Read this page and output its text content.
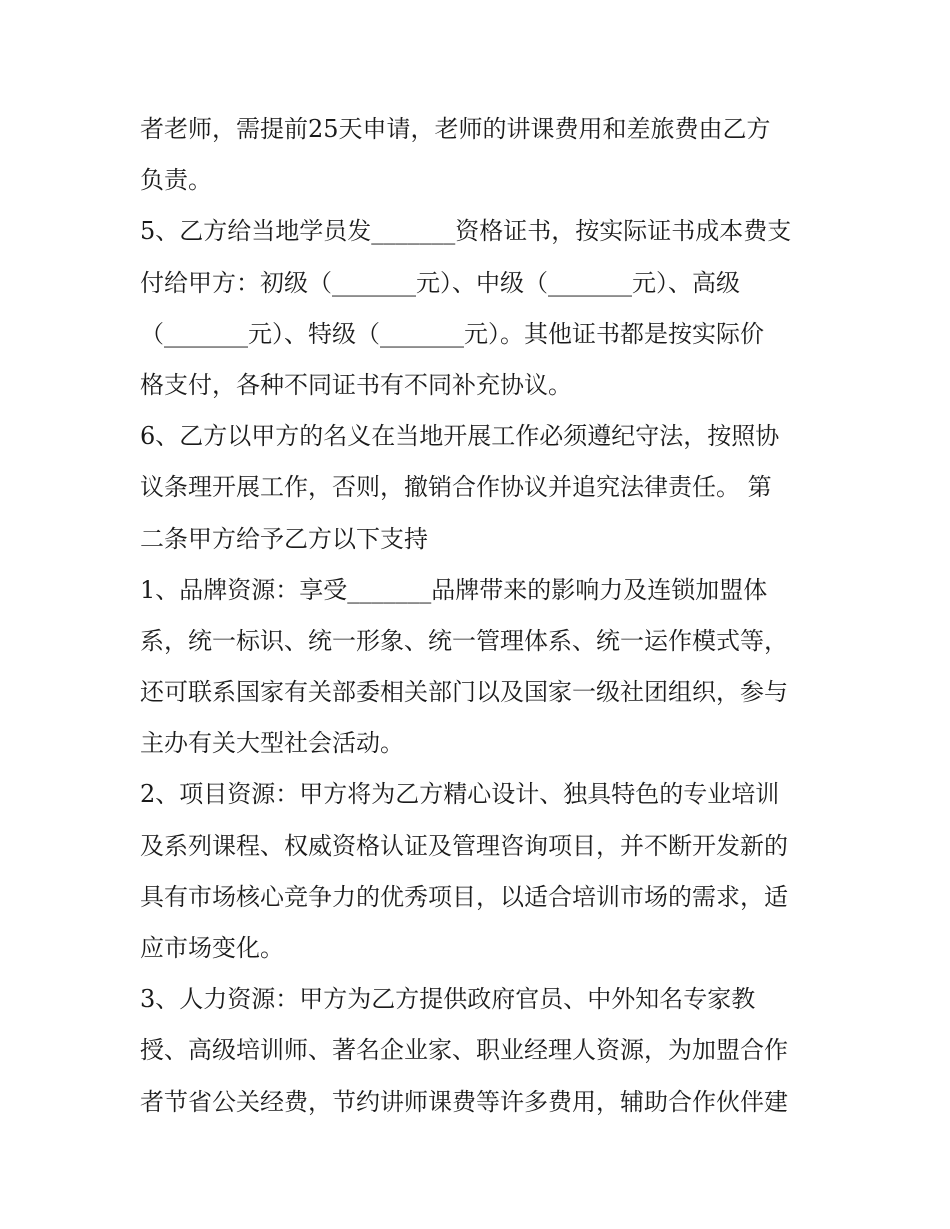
者老师，需提前25天申请，老师的讲课费用和差旅费由乙方
负责。
5、乙方给当地学员发_______资格证书，按实际证书成本费支
付给甲方：初级（_______元）、中级（_______元）、高级
（_______元）、特级（_______元）。其他证书都是按实际价
格支付，各种不同证书有不同补充协议。
6、乙方以甲方的名义在当地开展工作必须遵纪守法，按照协
议条理开展工作，否则，撤销合作协议并追究法律责任。 第
二条甲方给予乙方以下支持
1、品牌资源：享受_______品牌带来的影响力及连锁加盟体
系，统一标识、统一形象、统一管理体系、统一运作模式等，
还可联系国家有关部委相关部门以及国家一级社团组织，参与
主办有关大型社会活动。
2、项目资源：甲方将为乙方精心设计、独具特色的专业培训
及系列课程、权威资格认证及管理咨询项目，并不断开发新的
具有市场核心竞争力的优秀项目，以适合培训市场的需求，适
应市场变化。
3、人力资源：甲方为乙方提供政府官员、中外知名专家教
授、高级培训师、著名企业家、职业经理人资源，为加盟合作
者节省公关经费，节约讲师课费等许多费用，辅助合作伙伴建
